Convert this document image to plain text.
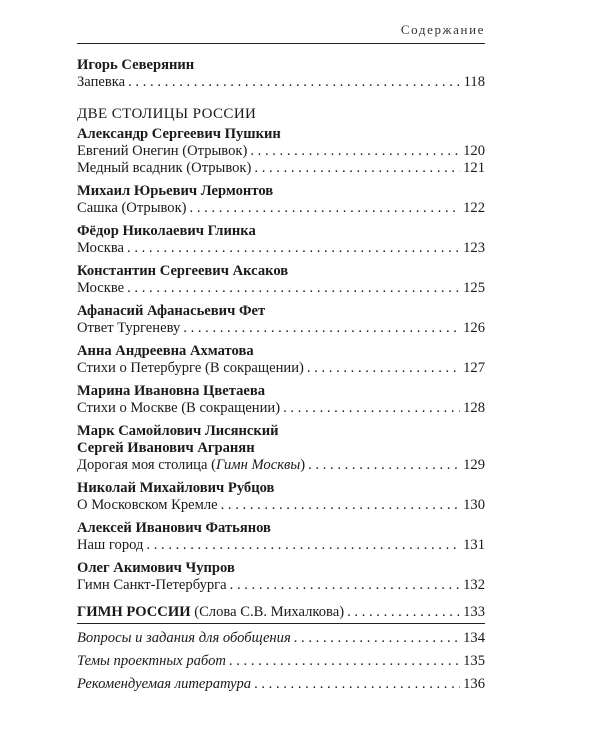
Содержание
Игорь Северянин
Запевка . . .	118
ДВЕ СТОЛИЦЫ РОССИИ
Александр Сергеевич Пушкин
Евгений Онегин (Отрывок) . . .	120
Медный всадник (Отрывок) . . .	121
Михаил Юрьевич Лермонтов
Сашка (Отрывок) . . .	122
Фёдор Николаевич Глинка
Москва . . .	123
Константин Сергеевич Аксаков
Москве . . .	125
Афанасий Афанасьевич Фет
Ответ Тургеневу . . .	126
Анна Андреевна Ахматова
Стихи о Петербурге (В сокращении) . . .	127
Марина Ивановна Цветаева
Стихи о Москве (В сокращении) . . .	128
Марк Самойлович Лисянский
Сергей Иванович Агранян
Дорогая моя столица (Гимн Москвы) . . .	129
Николай Михайлович Рубцов
О Московском Кремле . . .	130
Алексей Иванович Фатьянов
Наш город . . .	131
Олег Акимович Чупров
Гимн Санкт-Петербурга . . .	132
ГИМН РОССИИ (Слова С.В. Михалкова) . . .	133
Вопросы и задания для обобщения . . .	134
Темы проектных работ . . .	135
Рекомендуемая литература . . .	136
